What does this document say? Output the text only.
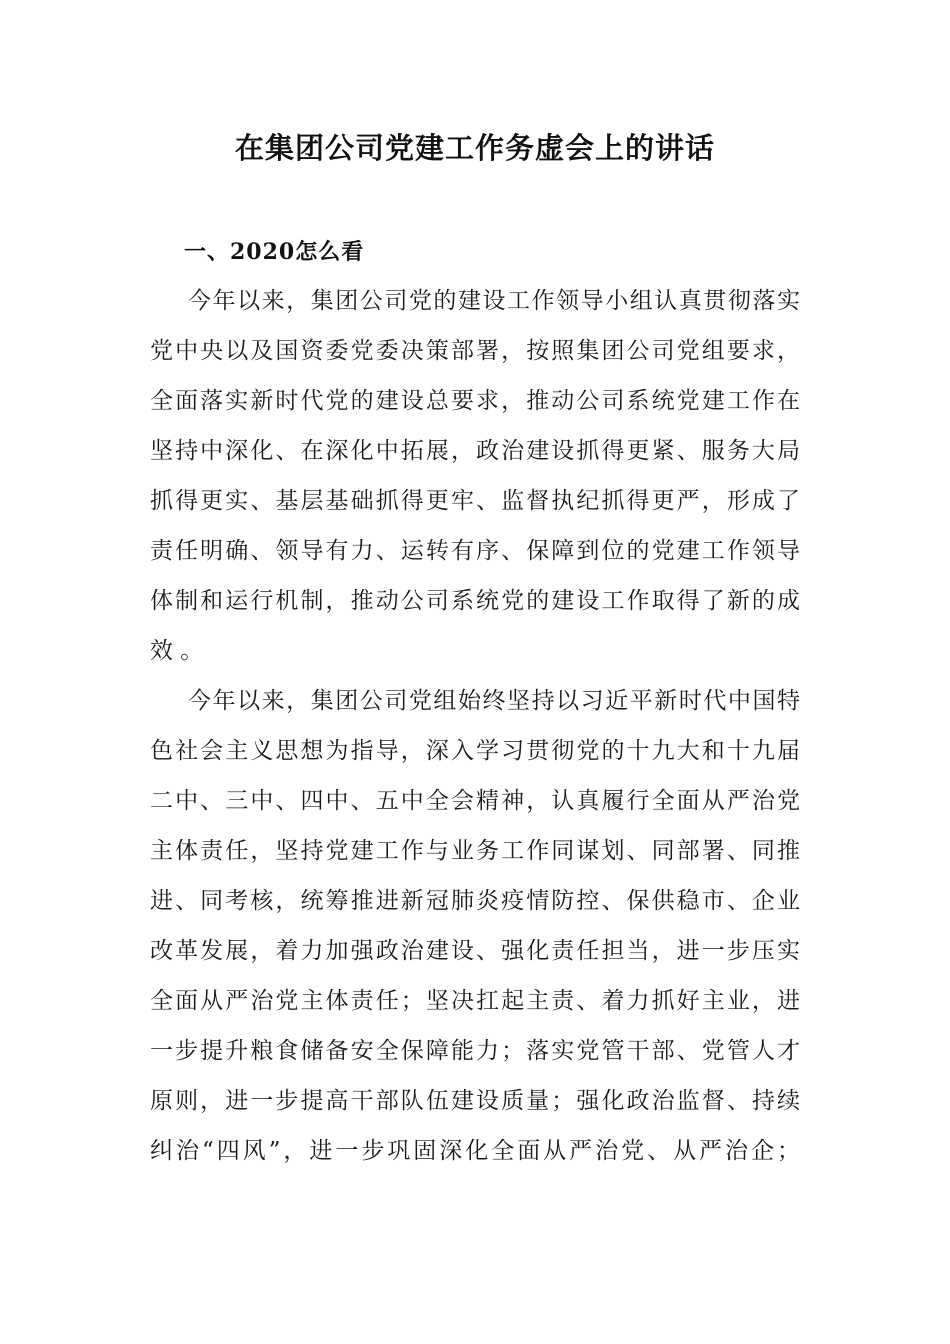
在集团公司党建工作务虚会上的讲话
一、2020怎么看
今年以来，集团公司党的建设工作领导小组认真贯彻落实
党中央以及国资委党委决策部署，按照集团公司党组要求，
全面落实新时代党的建设总要求，推动公司系统党建工作在
坚持中深化、在深化中拓展，政治建设抓得更紧、服务大局
抓得更实、基层基础抓得更牢、监督执纪抓得更严，形成了
责任明确、领导有力、运转有序、保障到位的党建工作领导
体制和运行机制，推动公司系统党的建设工作取得了新的成
效 。
今年以来，集团公司党组始终坚持以习近平新时代中国特
色社会主义思想为指导，深入学习贯彻党的十九大和十九届
二中、三中、四中、五中全会精神，认真履行全面从严治党
主体责任，坚持党建工作与业务工作同谋划、同部署、同推
进、同考核，统筹推进新冠肺炎疫情防控、保供稳市、企业
改革发展，着力加强政治建设、强化责任担当，进一步压实
全面从严治党主体责任；坚决扛起主责、着力抓好主业，进
一步提升粮食储备安全保障能力；落实党管干部、党管人才
原则，进一步提高干部队伍建设质量；强化政治监督、持续
纠治“四风”，进一步巩固深化全面从严治党、从严治企；
